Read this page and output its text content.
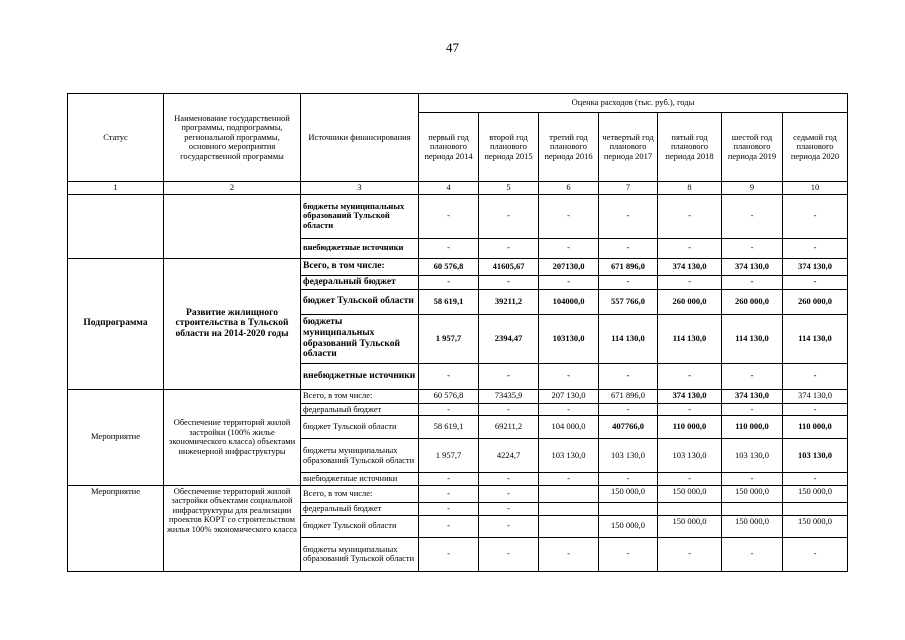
47
Статус	Наименование государственной программы, подпрограммы, региональной программы, основного мероприятия государственной программы	Источники финансирования	Оценка расходов (тыс. руб.), годы						
			первый год планового периода 2014	второй год планового периода 2015	третий год планового периода 2016	четвертый год планового периода 2017	пятый год планового периода 2018	шестой год планового периода 2019	седьмой год планового периода 2020
1	2	3	4	5	6	7	8	9	10
		бюджеты муниципальных образований Тульской области	-	-	-	-	-	-	-
		внебюджетные источники	-	-	-	-	-	-	-
Подпрограмма	Развитие жилищного строительства в Тульской области на 2014-2020 годы	Всего, в том числе:	60 576,8	41605,67	207130,0	671 896,0	374 130,0	374 130,0	374 130,0
		федеральный бюджет	-	-	-	-	-	-	-
		бюджет Тульской области	58 619,1	39211,2	104000,0	557 766,0	260 000,0	260 000,0	260 000,0
		бюджеты муниципальных образований Тульской области	1 957,7	2394,47	103130,0	114 130,0	114 130,0	114 130,0	114 130,0
		внебюджетные источники	-	-	-	-	-	-	-
Мероприятие	Обеспечение территорий жилой застройки (100% жилье экономического класса) объектами инженерной инфраструктуры	Всего, в том числе:	60 576,8	73435,9	207 130,0	671 896,0	374 130,0	374 130,0	374 130,0
		федеральный бюджет	-	-	-	-	-	-	-
		бюджет Тульской области	58 619,1	69211,2	104 000,0	407766,0	110 000,0	110 000,0	110 000,0
		бюджеты муниципальных образований Тульской области	1 957,7	4224,7	103 130,0	103 130,0	103 130,0	103 130,0	103 130,0
		внебюджетные источники	-	-	-	-	-	-	-
Мероприятие	Обеспечение территорий жилой застройки объектами социальной инфраструктуры для реализации проектов КОРТ со строительством жилья 100% экономического класса	Всего, в том числе:	-	-		150 000,0	150 000,0	150 000,0	150 000,0
		федеральный бюджет	-	-					
		бюджет Тульской области	-	-		150 000,0	150 000,0	150 000,0	150 000,0
		бюджеты муниципальных образований Тульской области	-	-	-	-	-	-	-
